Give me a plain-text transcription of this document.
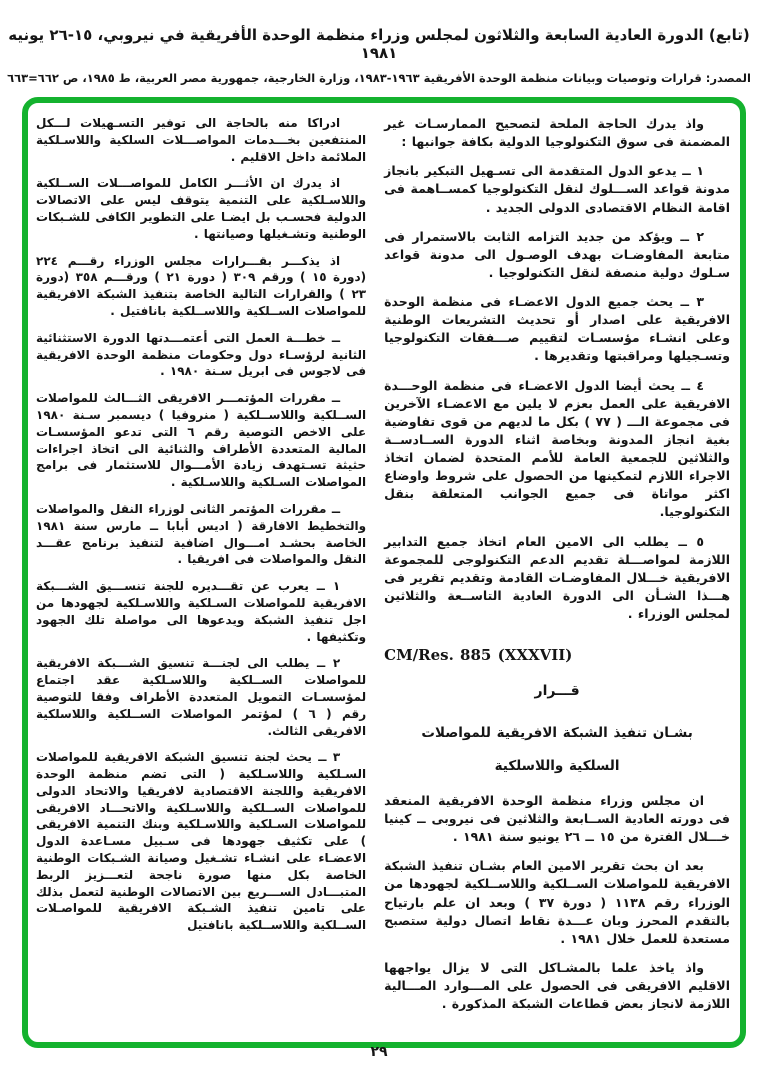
(تابع) الدورة العادية السابعة والثلاثون لمجلس وزراء منظمة الوحدة الأفريقية في نيروبي، ١٥-٢٦ يونيه ١٩٨١
المصدر: قرارات وتوصيات وبيانات منظمة الوحدة الأفريقية ١٩٦٣-١٩٨٣، وزارة الخارجية، جمهورية مصر العربية، ط ١٩٨٥، ص ٦٦٢=٦٦٣

واذ يدرك الحاجة الملحة لتصحيح الممارسـات غير المضمنة فى سوق التكنولوجيا الدولية بكافة جوانبها :

١ ــ يدعو الدول المتقدمة الى تسـهيل التبكير بانجاز مدونة قواعد الســـلوك لنقل التكنولوجيا كمســاهمة فى اقامة النظام الاقتصادى الدولى الجديد .

٢ ــ ويؤكد من جديد التزامه الثابت بالاستمرار فى متابعة المفاوضـات بهدف الوصـول الى مدونة قواعد سـلوك دولية منصفة لنقل التكنولوجيا .

٣ ــ يحث جميع الدول الاعضـاء فى منظمة الوحدة الافريقية على اصدار أو تحديث التشريعات الوطنية وعلى انشـاء مؤسسـات لتقييم صـــفقات التكنولوجيا وتسـجيلها ومراقبتها وتقديرها .

٤ ــ يحث أيضا الدول الاعضـاء فى منظمة الوحـــدة الافريقية على العمل بعزم لا يلين مع الاعضـاء الآخرين فى مجموعة الـــ ( ٧٧ ) بكل ما لديهم من قوى تفاوضية بغية انجاز المدونة وبخاصة اثناء الدورة الســادســة والثلاثين للجمعية العامة للأمم المتحدة لضمان اتخاذ الاجراء اللازم لتمكينها من الحصول على شروط واوضاع اكثر مواتاة فى جميع الجوانب المتعلقة بنقل التكنولوجيا.

٥ ــ يطلب الى الامين العام اتخاذ جميع التدابير اللازمة لمواصـــلة تقديم الدعم التكنولوجى للمجموعة الافريقية خـــلال المفاوضـات القادمة وتقديم تقرير فى هـــذا الشـأن الى الدورة العادية التاســعة والثلاثين لمجلس الوزراء .

CM/Res. 885 (XXXVII)

قـــرار

بشـان تنفيذ الشبكة الافريقية للمواصلات
السلكية واللاسلكية

ان مجلس وزراء منظمة الوحدة الافريقية المنعقد فى دورته العادية الســابعة والثلاثين فى نيروبى ــ كينيا خـــلال الفترة من ١٥ ــ ٢٦ يونيو سنة ١٩٨١ .

بعد ان بحث تقرير الامين العام بشـان تنفيذ الشبكة الافريقية للمواصلات الســلكية واللاســلكية لجهودها من الوزراء رقم ١١٣٨ ( دورة ٣٧ ) وبعد ان علم بارتياح بالتقدم المحرز وبان عـــدة نقاط اتصال دولية ستصبح مستعدة للعمل خلال ١٩٨١ .

واذ ياخذ علما بالمشـاكل التى لا يزال يواجهها الاقليم الافريقى فى الحصول على المـــوارد المـــالية اللازمة لانجاز بعض قطاعات الشبكة المذكورة .

ادراكا منه بالحاجة الى توفير التسـهيلات لـــكل المنتفعين بخـــدمات المواصـــلات السلكية واللاسـلكية الملائمة داخل الاقليم .

اذ يدرك ان الأثـــر الكامل للمواصـــلات الســلكية واللاسـلكية على التنمية يتوقف ليس على الاتصالات الدولية فحسـب بل ايضـا على التطوير الكافى للشـبكات الوطنية وتشـغيلها وصيانتها .

اذ يذكـــر بقـــرارات مجلس الوزراء رقـــم ٢٢٤ (دورة ١٥ ) ورقم ٣٠٩ ( دورة ٢١ ) ورقـــم ٣٥٨ (دورة ٢٣ ) والقرارات التالية الخاصة بتنفيذ الشبكة الافريقية للمواصلات الســلكية واللاســلكية بانافتيل .

ــ خطـــة العمل التى أعتمـــدتها الدورة الاستثنائية الثانية لرؤسـاء دول وحكومات منظمة الوحدة الافريقية فى لاجوس فى ابريل سـنة ١٩٨٠ .

ــ مقررات المؤتمـــر الافريقى الثـــالث للمواصلات الســلكية واللاســلكية ( منروفيا ) ديسمبر سـنة ١٩٨٠ على الاخص التوصية رقم ٦ التى تدعو المؤسسـات المالية المتعددة الأطراف والثنائية الى اتخاذ اجراءات حثيثة تسـتهدف زيادة الأمـــوال للاستثمار فى برامج المواصلات السـلكية واللاسـلكية .

ــ مقررات المؤتمر الثانى لوزراء النقل والمواصلات والتخطيط الافارقة ( اديس أبابا ــ مارس سنة ١٩٨١ الخاصة بحشـد امـــوال اضافية لتنفيذ برنامج عقـــد النقل والمواصلات فى افريقيا .

١ ــ يعرب عن تقـــديره للجنة تنســـيق الشـــبكة الافريقية للمواصلات السـلكية واللاسـلكية لجهودها من اجل تنفيذ الشبكة ويدعوها الى مواصلة تلك الجهود وتكثيفها .

٢ ــ يطلب الى لجنـــة تنسيق الشـــبكة الافريقية للمواصلات الســلكية واللاسـلكية عقد اجتماع لمؤسسـات التمويل المتعددة الأطراف وفقا للتوصية رقم ( ٦ ) لمؤتمر المواصلات الســلكية واللاسلكية الافريقى الثالث.

٣ ــ يحث لجنة تنسيق الشبكة الافريقية للمواصلات السـلكية واللاسـلكية ( التى تضم منظمة الوحدة الافريقية واللجنة الاقتصادية لافريقيا والاتحاد الدولى للمواصلات الســلكية واللاسـلكية والاتحـــاد الافريقى للمواصلات السـلكية واللاسـلكية وبنك التنمية الافريقى ) على تكثيف جهودها فى سـبيل مسـاعدة الدول الاعضـاء على انشـاء تشـغيل وصيانة الشـبكات الوطنية الخاصة بكل منها صورة ناجحة لتعـــزيز الربط المتبـــادل الســـريع بين الاتصالات الوطنية لتعمل بذلك على تامين تنفيذ الشـبكة الافريقية للمواصـلات الســلكية واللاســلكية بانافتيل

٢٩
